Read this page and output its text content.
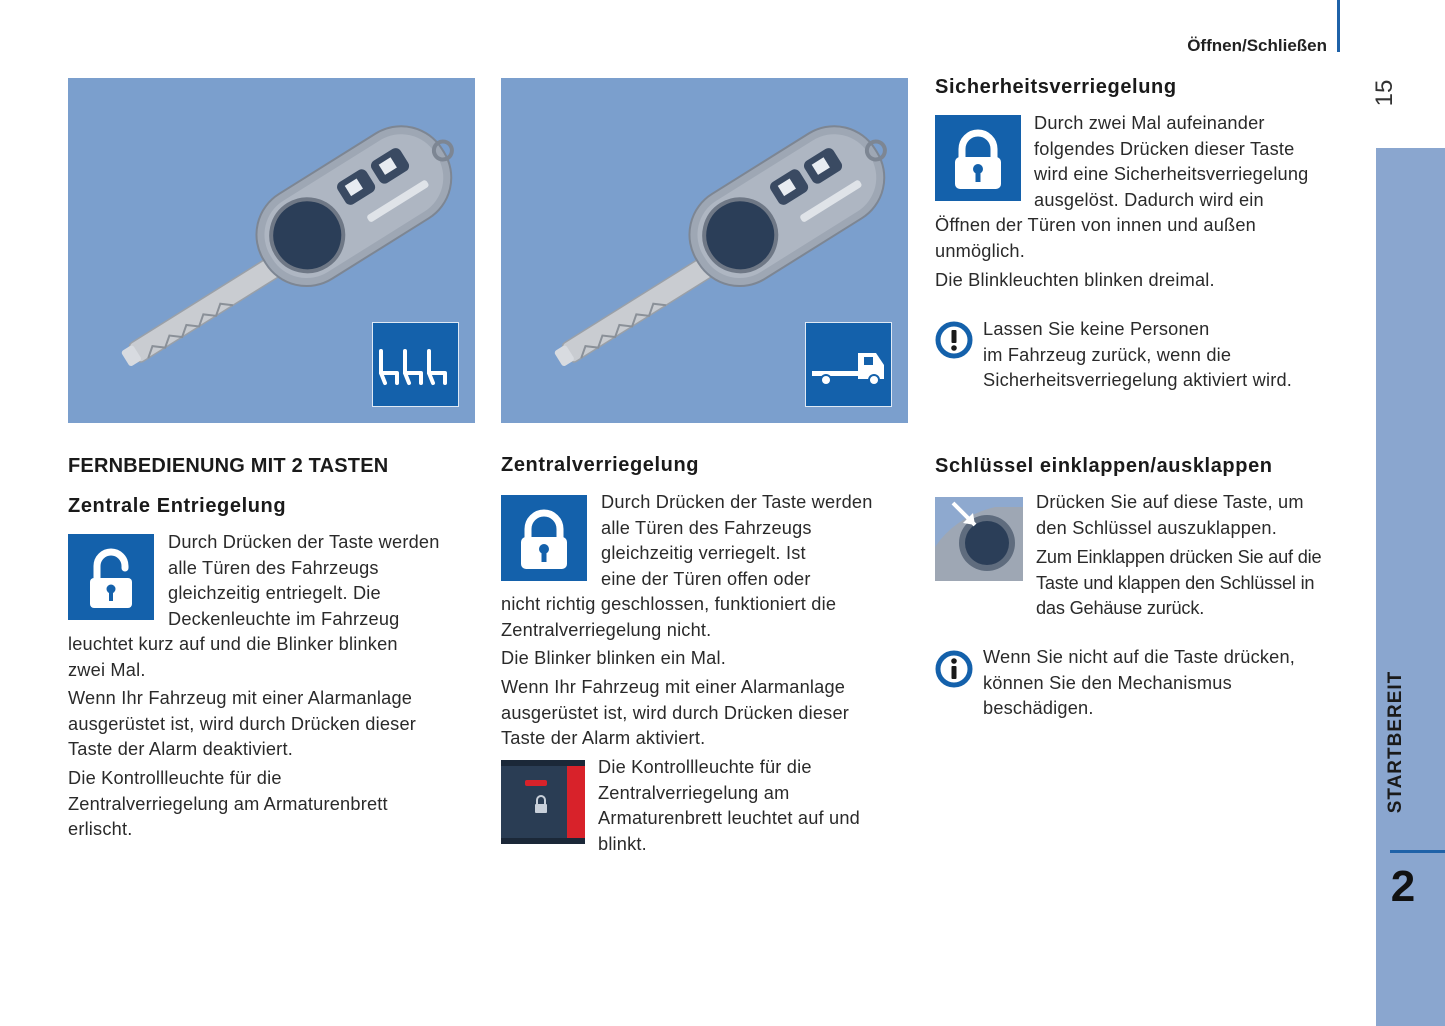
Öffnen/Schließen
15
STARTBEREIT
2
FERNBEDIENUNG MIT 2 TASTEN
Zentrale Entriegelung
Durch Drücken der Taste werden
alle Türen des Fahrzeugs
gleichzeitig entriegelt. Die
Deckenleuchte im Fahrzeug
leuchtet kurz auf und die Blinker blinken
zwei Mal.
Wenn Ihr Fahrzeug mit einer Alarmanlage
ausgerüstet ist, wird durch Drücken dieser
Taste der Alarm deaktiviert.
Die Kontrollleuchte für die
Zentralverriegelung am Armaturenbrett
erlischt.
Zentralverriegelung
Durch Drücken der Taste werden
alle Türen des Fahrzeugs
gleichzeitig verriegelt. Ist
eine der Türen offen oder
nicht richtig geschlossen, funktioniert die
Zentralverriegelung nicht.
Die Blinker blinken ein Mal.
Wenn Ihr Fahrzeug mit einer Alarmanlage
ausgerüstet ist, wird durch Drücken dieser
Taste der Alarm aktiviert.
Die Kontrollleuchte für die
Zentralverriegelung am
Armaturenbrett leuchtet auf und
blinkt.
Sicherheitsverriegelung
Durch zwei Mal aufeinander
folgendes Drücken dieser Taste
wird eine Sicherheitsverriegelung
ausgelöst. Dadurch wird ein
Öffnen der Türen von innen und außen
unmöglich.
Die Blinkleuchten blinken dreimal.
Lassen Sie keine Personen
im Fahrzeug zurück, wenn die
Sicherheitsverriegelung aktiviert wird.
Schlüssel einklappen/ausklappen
Drücken Sie auf diese Taste, um
den Schlüssel auszuklappen.
Zum Einklappen drücken Sie auf die
Taste und klappen den Schlüssel in
das Gehäuse zurück.
Wenn Sie nicht auf die Taste drücken,
können Sie den Mechanismus
beschädigen.
